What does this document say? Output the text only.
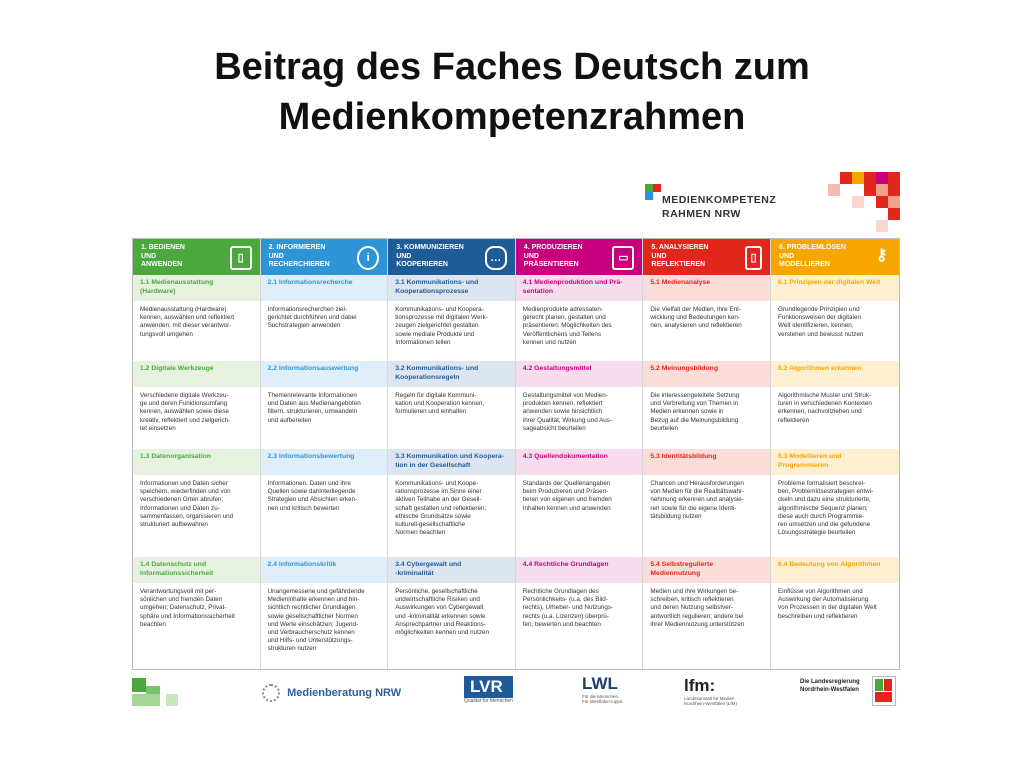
Beitrag des Faches Deutsch zum
Medienkompetenzrahmen
MEDIENKOMPETENZ
RAHMEN NRW
1. BEDIENEN
UND
ANWENDEN
▯
1.1 Medienausstattung
(Hardware)
Medienausstattung (Hardware)
kennen, auswählen und reflektiert
anwenden; mit dieser verantwor-
tungsvoll umgehen
1.2 Digitale Werkzeuge
Verschiedene digitale Werkzeu-
ge und deren Funktionsumfang
kennen, auswählen sowie diese
kreativ, reflektiert und zielgerich-
tet einsetzen
1.3 Datenorganisation
Informationen und Daten sicher
speichern, wiederfinden und von
verschiedenen Orten abrufen;
Informationen und Daten zu-
sammenfassen, organisieren und
strukturiert aufbewahren
1.4 Datenschutz und
Informationssicherheit
Verantwortungsvoll mit per-
sönlichen und fremden Daten
umgehen; Datenschutz, Privat-
sphäre und Informationssicherheit
beachten
2. INFORMIEREN
UND
RECHERCHIEREN
i
2.1 Informationsrecherche
Informationsrecherchen ziel-
gerichtet durchführen und dabei
Suchstrategien anwenden
2.2 Informationsauswertung
Themenrelevante Informationen
und Daten aus Medienangeboten
filtern, strukturieren, umwandeln
und aufbereiten
2.3 Informationsbewertung
Informationen, Daten und ihre
Quellen sowie dahinterliegende
Strategien und Absichten erken-
nen und kritisch bewerten
2.4 Informationskritik
Unangemessene und gefährdende
Medieninhalte erkennen und hin-
sichtlich rechtlicher Grundlagen
sowie gesellschaftlicher Normen
und Werte einschätzen; Jugend-
und Verbraucherschutz kennen
und Hilfs- und Unterstützungs-
strukturen nutzen
3. KOMMUNIZIEREN
UND
KOOPERIEREN
…
3.1 Kommunikations- und
Kooperationsprozesse
Kommunikations- und Koopera-
tionsprozesse mit digitalen Werk-
zeugen zielgerichtet gestalten
sowie mediale Produkte und
Informationen teilen
3.2 Kommunikations- und
Kooperationsregeln
Regeln für digitale Kommuni-
kation und Kooperation kennen,
formulieren und einhalten
3.3 Kommunikation und Koopera-
tion in der Gesellschaft
Kommunikations- und Koope-
rationsprozesse im Sinne einer
aktiven Teilhabe an der Gesell-
schaft gestalten und reflektieren;
ethische Grundsätze sowie
kulturell-gesellschaftliche
Normen beachten
3.4 Cybergewalt und
-kriminalität
Persönliche, gesellschaftliche
undwirtschaftliche Risiken und
Auswirkungen von Cybergewalt
und -kriminalität erkennen sowie
Ansprechpartner und Reaktions-
möglichkeiten kennen und nutzen
4. PRODUZIEREN
UND
PRÄSENTIEREN
▭
4.1 Medienproduktion und Prä-
sentation
Medienprodukte adressaten-
gerecht planen, gestalten und
präsentieren; Möglichkeiten des
Veröffentlichens und Teilens
kennen und nutzen
4.2 Gestaltungsmittel
Gestaltungsmittel von Medien-
produkten kennen, reflektiert
anwenden sowie hinsichtlich
ihrer Qualität, Wirkung und Aus-
sageabsicht beurteilen
4.3 Quellendokumentation
Standards der Quellenangaben
beim Produzieren und Präsen-
tieren von eigenen und fremden
Inhalten kennen und anwenden
4.4 Rechtliche Grundlagen
Rechtliche Grundlagen des
Persönlichkeits- (u.a. des Bild-
rechts), Urheber- und Nutzungs-
rechts (u.a. Lizenzen) überprü-
fen, bewerten und beachten
5. ANALYSIEREN
UND
REFLEKTIEREN
▯
5.1 Medienanalyse
Die Vielfalt der Medien, ihre Ent-
wicklung und Bedeutungen ken-
nen, analysieren und reflektieren
5.2 Meinungsbildung
Die interessengeleitete Setzung
und Verbreitung von Themen in
Medien erkennen sowie in
Bezug auf die Meinungsbildung
beurteilen
5.3 Identitätsbildung
Chancen und Herausforderungen
von Medien für die Realitätswahr-
nehmung erkennen und analysie-
ren sowie für die eigene Identi-
tätsbildung nutzen
5.4 Selbstregulierte
Mediennutzung
Medien und ihre Wirkungen be-
schreiben, kritisch reflektieren
und deren Nutzung selbstver-
antwortlich regulieren; andere bei
ihrer Mediennutzung unterstützen
6. PROBLEMLÖSEN
UND
MODELLIEREN
⚷
6.1 Prinzipien der digitalen Welt
Grundlegende Prinzipien und
Funktionsweisen der digitalen
Welt identifizieren, kennen,
verstehen und bewusst nutzen
6.2 Algorithmen erkennen
Algorithmische Muster und Struk-
turen in verschiedenen Kontexten
erkennen, nachvollziehen und
reflektieren
6.3 Modellieren und
Programmieren
Probleme formalisiert beschrei-
ben, Problemlösestrategien entwi-
ckeln und dazu eine strukturierte,
algorithmische Sequenz planen;
diese auch durch Programmie-
ren umsetzen und die gefundene
Lösungsstrategie beurteilen
6.4 Bedeutung von Algorithmen
Einflüsse von Algorithmen und
Auswirkung der Automatisierung
von Prozessen in der digitalen Welt
beschreiben und reflektieren
Medienberatung NRW	LVR
Qualität für Menschen
LWL
Für die Menschen.
Für Westfalen-Lippe.
lfm:
Landesanstalt für Medien
Nordrhein-Westfalen (LfM)
Die Landesregierung
Nordrhein-Westfalen
